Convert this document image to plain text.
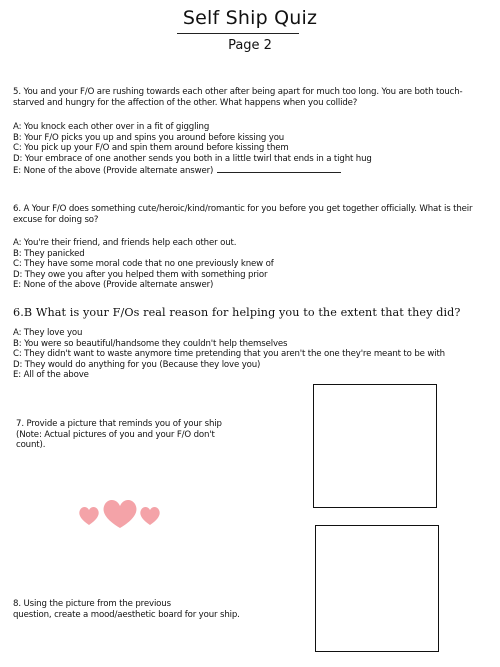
Self Ship Quiz
Page 2

5. You and your F/O are rushing towards each other after being apart for much too long. You are both touch-starved and hungry for the affection of the other. What happens when you collide?

A: You knock each other over in a fit of giggling
B: Your F/O picks you up and spins you around before kissing you
C: You pick up your F/O and spin them around before kissing them
D: Your embrace of one another sends you both in a little twirl that ends in a tight hug
E: None of the above (Provide alternate answer)

6. A Your F/O does something cute/heroic/kind/romantic for you before you get together officially. What is their excuse for doing so?

A: You're their friend, and friends help each other out.
B: They panicked
C: They have some moral code that no one previously knew of
D: They owe you after you helped them with something prior
E: None of the above (Provide alternate answer)
6.B What is your F/Os real reason for helping you to the extent that they did?
A: They love you
B: You were so beautiful/handsome they couldn't help themselves
C: They didn't want to waste anymore time pretending that you aren't the one they're meant to be with
D: They would do anything for you (Because they love you)
E: All of the above
7. Provide a picture that reminds you of your ship
(Note: Actual pictures of you and your F/O don't
count).
8. Using the picture from the previous
question, create a mood/aesthetic board for your ship.
